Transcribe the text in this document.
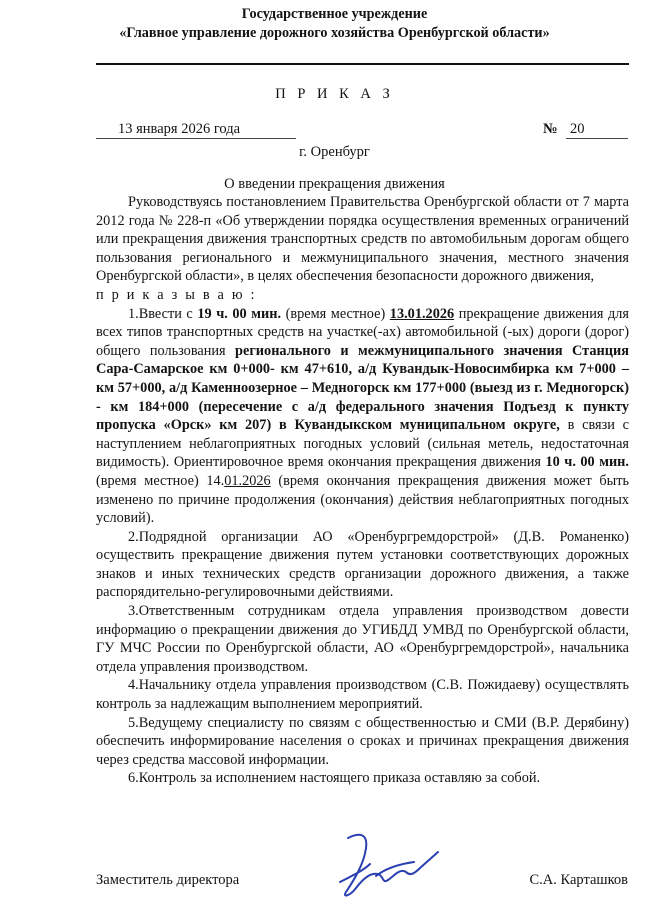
Государственное учреждение
«Главное управление дорожного хозяйства Оренбургской области»
П Р И К А З
13 января 2026 года	№ 20
г. Оренбург
О введении прекращения движения

Руководствуясь постановлением Правительства Оренбургской области от 7 марта 2012 года № 228-п «Об утверждении порядка осуществления временных ограничений или прекращения движения транспортных средств по автомобильным дорогам общего пользования регионального и межмуниципального значения, местного значения Оренбургской области», в целях обеспечения безопасности дорожного движения,

п р и к а з ы в а ю :

1.Ввести с 19 ч. 00 мин. (время местное) 13.01.2026 прекращение движения для всех типов транспортных средств на участке(-ах) автомобильной (-ых) дороги (дорог) общего пользования регионального и межмуниципального значения Станция Сара-Самарское км 0+000- км 47+610, а/д Кувандык-Новосимбирка км 7+000 – км 57+000, а/д Каменноозерное – Медногорск км 177+000 (выезд из г. Медногорск) - км 184+000 (пересечение с а/д федерального значения Подъезд к пункту пропуска «Орск» км 207) в Кувандыкском муниципальном округе, в связи с наступлением неблагоприятных погодных условий (сильная метель, недостаточная видимость). Ориентировочное время окончания прекращения движения 10 ч. 00 мин. (время местное) 14.01.2026 (время окончания прекращения движения может быть изменено по причине продолжения (окончания) действия неблагоприятных погодных условий).

2.Подрядной организации АО «Оренбургремдорстрой» (Д.В. Романенко) осуществить прекращение движения путем установки соответствующих дорожных знаков и иных технических средств организации дорожного движения, а также распорядительно-регулировочными действиями.

3.Ответственным сотрудникам отдела управления производством довести информацию о прекращении движения до УГИБДД УМВД по Оренбургской области, ГУ МЧС России по Оренбургской области, АО «Оренбургремдорстрой», начальника отдела управления производством.

4.Начальнику отдела управления производством (С.В. Пожидаеву) осуществлять контроль за надлежащим выполнением мероприятий.

5.Ведущему специалисту по связям с общественностью и СМИ (В.Р. Дерябину) обеспечить информирование населения о сроках и причинах прекращения движения через средства массовой информации.

6.Контроль за исполнением настоящего приказа оставляю за собой.

Заместитель директора	С.А. Карташков
